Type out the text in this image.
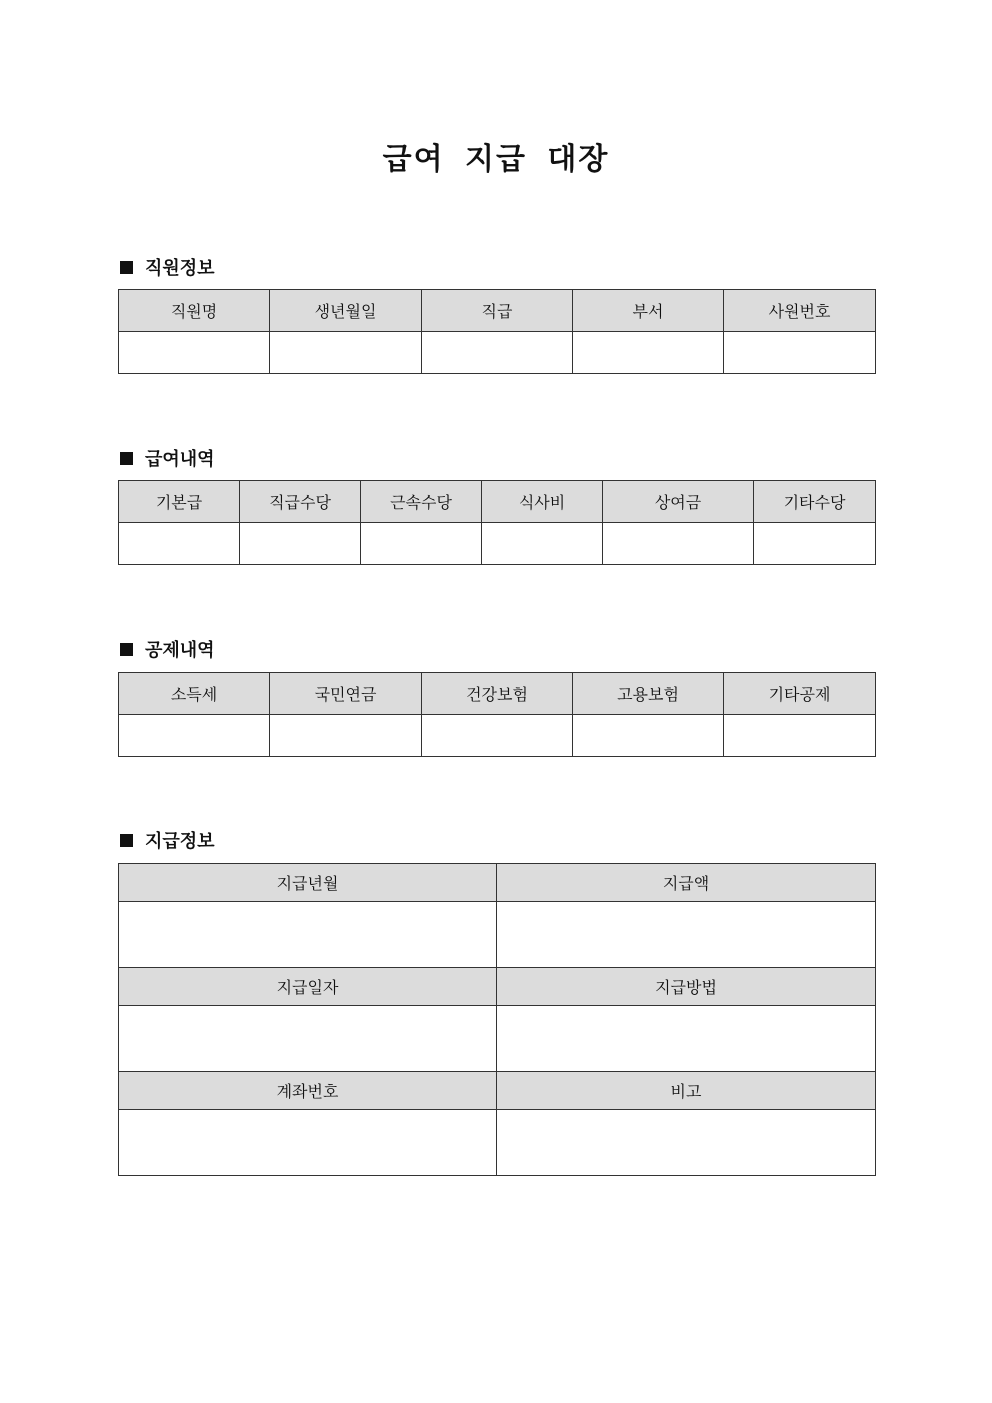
급여 지급 대장
직원정보
직원명	생년월일	직급	부서	사원번호

급여내역
기본급	직급수당	근속수당	식사비	상여금	기타수당

공제내역
소득세	국민연금	건강보험	고용보험	기타공제

지급정보
지급년월	지급액

지급일자	지급방법

계좌번호	비고
